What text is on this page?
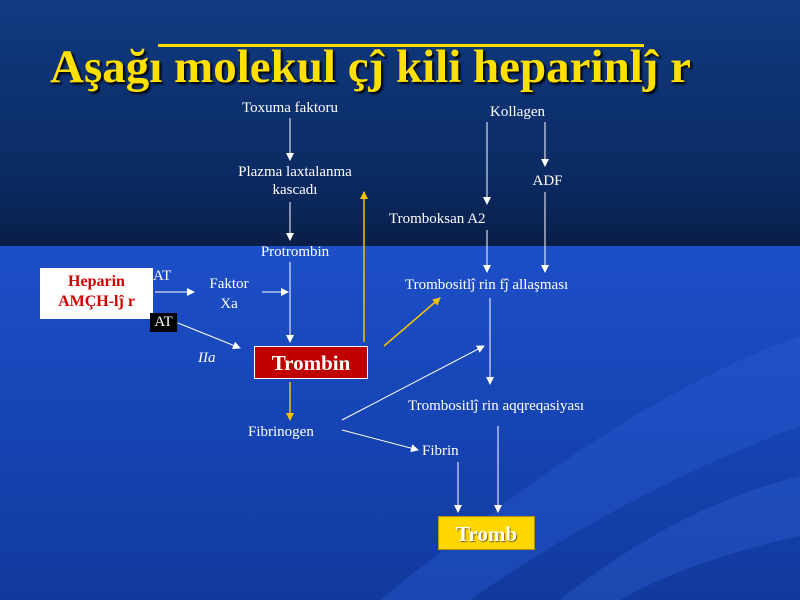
Aşağı molekul çĵ kili heparinlĵ r
Toxuma faktoru
Plazma laxtalanma
kascadı
Protrombin
Faktor
Xa
Heparin
AMÇH-lĵ r
AT
AT
IIa	Trombin
Fibrinogen
Fibrin
Kollagen
ADF
Tromboksan A2
Trombositlĵ rin fĵ allaşması
Trombositlĵ rin aqqreqasiyası
Tromb
